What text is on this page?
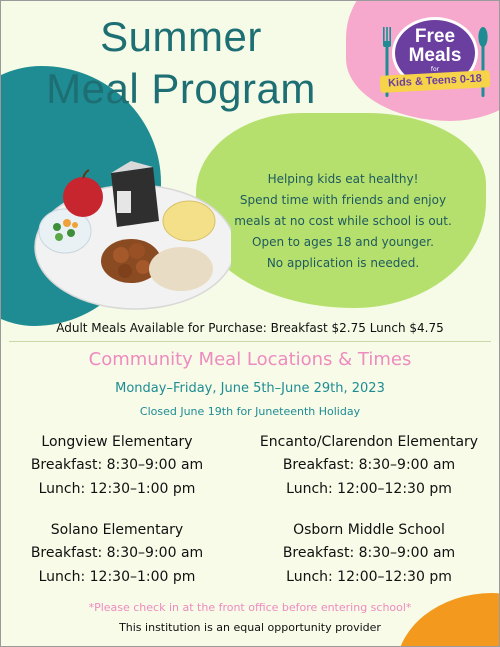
Summer
Meal Program
Free
Meals
for
Kids & Teens 0-18
Helping kids eat healthy!
Spend time with friends and enjoy
meals at no cost while school is out.
Open to ages 18 and younger.
No application is needed.
Adult Meals Available for Purchase: Breakfast $2.75 Lunch $4.75
Community Meal Locations & Times
Monday–Friday, June 5th–June 29th, 2023
Closed June 19th for Juneteenth Holiday
Longview Elementary
Breakfast: 8:30–9:00 am
Lunch: 12:30–1:00 pm
Encanto/Clarendon Elementary
Breakfast: 8:30–9:00 am
Lunch: 12:00–12:30 pm
Solano Elementary
Breakfast: 8:30–9:00 am
Lunch: 12:30–1:00 pm
Osborn Middle School
Breakfast: 8:30–9:00 am
Lunch: 12:00–12:30 pm
*Please check in at the front office before entering school*
This institution is an equal opportunity provider
